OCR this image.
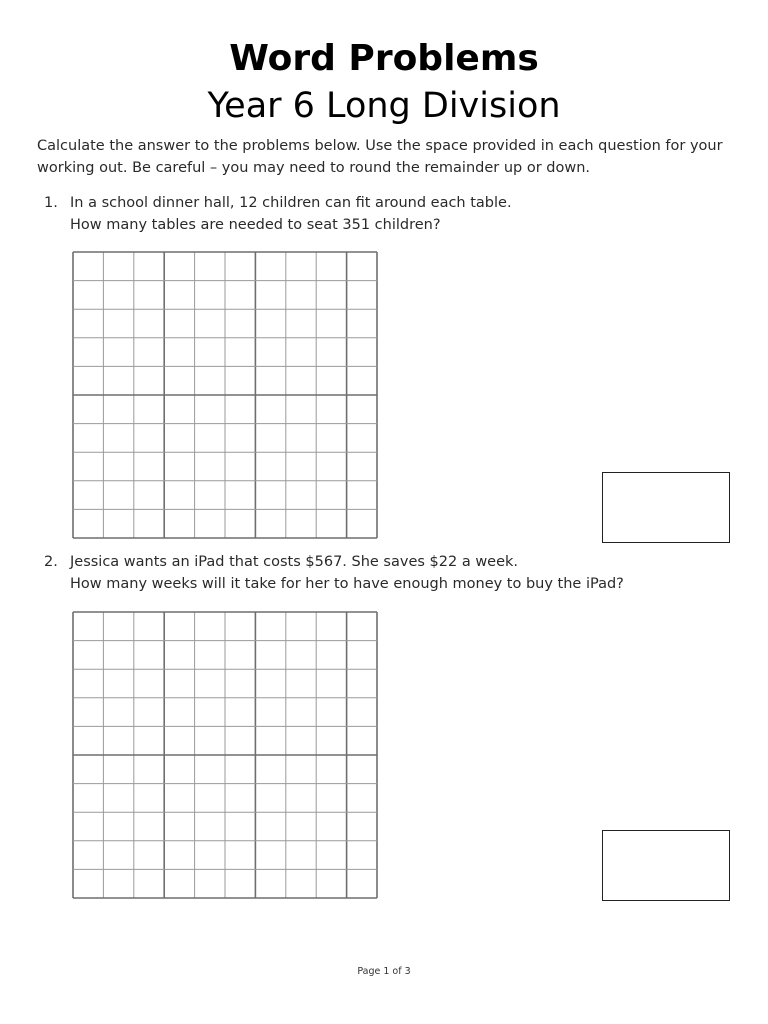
Word Problems
Year 6 Long Division

Calculate the answer to the problems below. Use the space provided in each question for your
working out. Be careful – you may need to round the remainder up or down.

1. In a school dinner hall, 12 children can fit around each table.
How many tables are needed to seat 351 children?
2. Jessica wants an iPad that costs $567. She saves $22 a week.
How many weeks will it take for her to have enough money to buy the iPad?
Page 1 of 3
